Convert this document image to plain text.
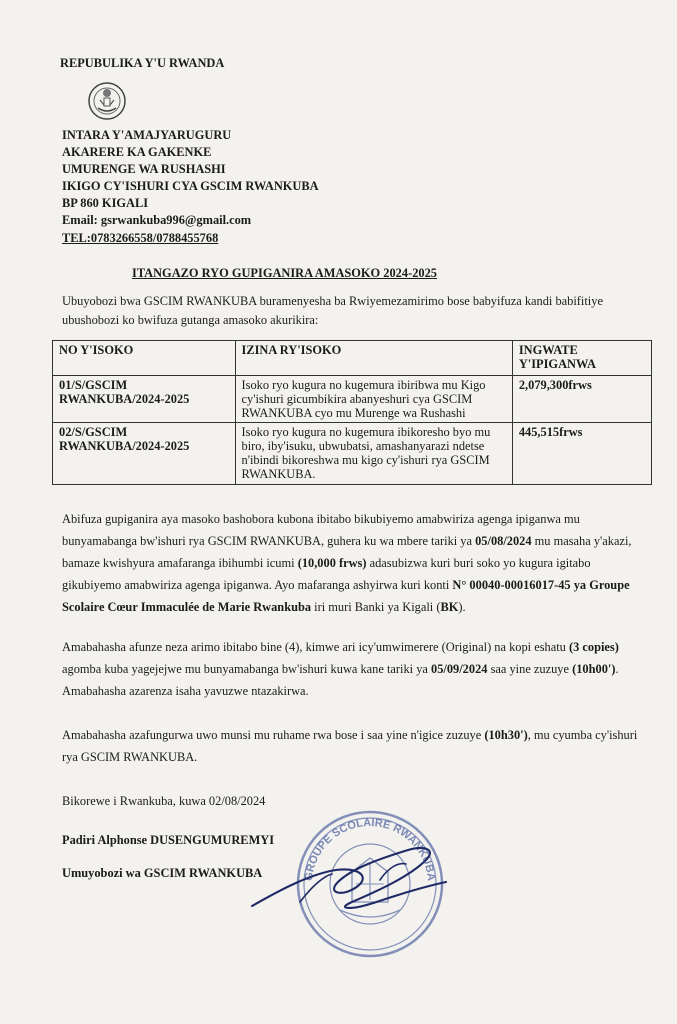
REPUBULIKA Y'U RWANDA
INTARA Y'AMAJYARUGURU
AKARERE KA GAKENKE
UMURENGE WA RUSHASHI
IKIGO CY'ISHURI CYA GSCIM RWANKUBA
BP 860 KIGALI
Email: gsrwankuba996@gmail.com
TEL:0783266558/0788455768
ITANGAZO RYO GUPIGANIRA AMASOKO 2024-2025
Ubuyobozi bwa GSCIM RWANKUBA buramenyesha ba Rwiyemezamirimo bose babyifuza kandi babifitiye ubushobozi ko bwifuza gutanga amasoko akurikira:
NO Y'ISOKO	IZINA RY'ISOKO	INGWATE Y'IPIGANWA
01/S/GSCIM RWANKUBA/2024-2025	Isoko ryo kugura no kugemura ibiribwa mu Kigo cy'ishuri gicumbikira abanyeshuri cya GSCIM RWANKUBA cyo mu Murenge wa Rushashi	2,079,300frws
02/S/GSCIM RWANKUBA/2024-2025	Isoko ryo kugura no kugemura ibikoresho byo mu biro, iby'isuku, ubwubatsi, amashanyarazi ndetse n'ibindi bikoreshwa mu kigo cy'ishuri rya GSCIM RWANKUBA.	445,515frws
Abifuza gupiganira aya masoko bashobora kubona ibitabo bikubiyemo amabwiriza agenga ipiganwa mu bunyamabanga bw'ishuri rya GSCIM RWANKUBA, guhera ku wa mbere tariki ya 05/08/2024 mu masaha y'akazi, bamaze kwishyura amafaranga ibihumbi icumi (10,000 frws) adasubizwa kuri buri soko yo kugura igitabo gikubiyemo amabwiriza agenga ipiganwa. Ayo mafaranga ashyirwa kuri konti N° 00040-00016017-45 ya Groupe Scolaire Cœur Immaculée de Marie Rwankuba iri muri Banki ya Kigali (BK).
Amabahasha afunze neza arimo ibitabo bine (4), kimwe ari icy'umwimerere (Original) na kopi eshatu (3 copies) agomba kuba yagejejwe mu bunyamabanga bw'ishuri kuwa kane tariki ya 05/09/2024 saa yine zuzuye (10h00'). Amabahasha azarenza isaha yavuzwe ntazakirwa.
Amabahasha azafungurwa uwo munsi mu ruhame rwa bose i saa yine n'igice zuzuye (10h30'), mu cyumba cy'ishuri rya GSCIM RWANKUBA.
Bikorewe i Rwankuba, kuwa 02/08/2024
GROUPE SCOLAIRE RWANKUBA
Padiri Alphonse DUSENGUMUREMYI
Umuyobozi wa GSCIM RWANKUBA
